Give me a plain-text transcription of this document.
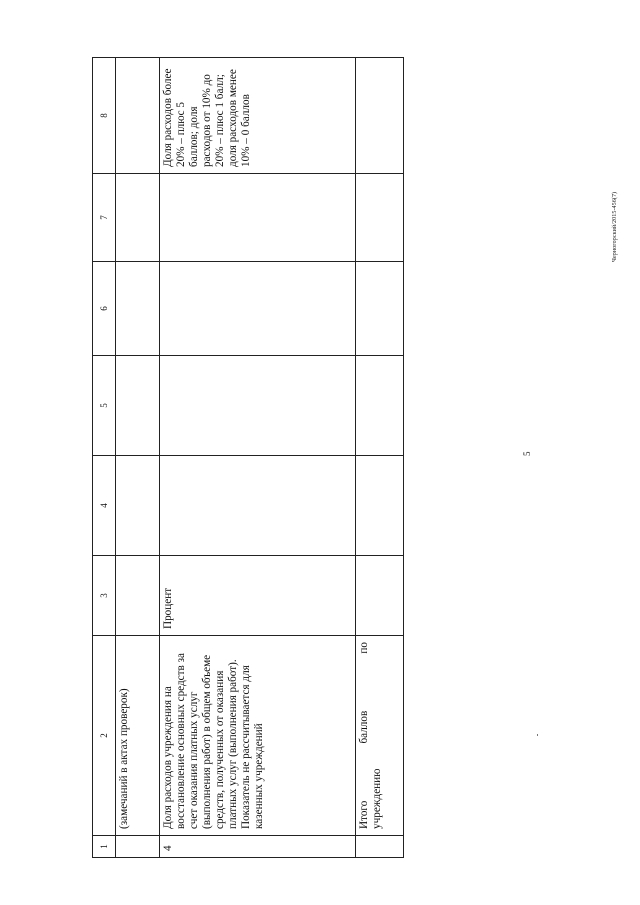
5
Черногорский/2015-456(7)
1	2	3	4	5	6	7	8
	(замечаний в актах проверок)						
4	Доля расходов учреждения на восстановление основных средств за счет оказания платных услуг (выполнения работ) в общем объеме средств, полученных от оказания платных услуг (выполнения работ). Показатель не рассчитывается для казенных учреждений	Процент					Доля расходов более 20% – плюс 5 баллов; доля расходов от 10% до 20% – плюс 1 балл; доля расходов менее 10% – 0 баллов

	Итого
баллов
по
учреждению						
